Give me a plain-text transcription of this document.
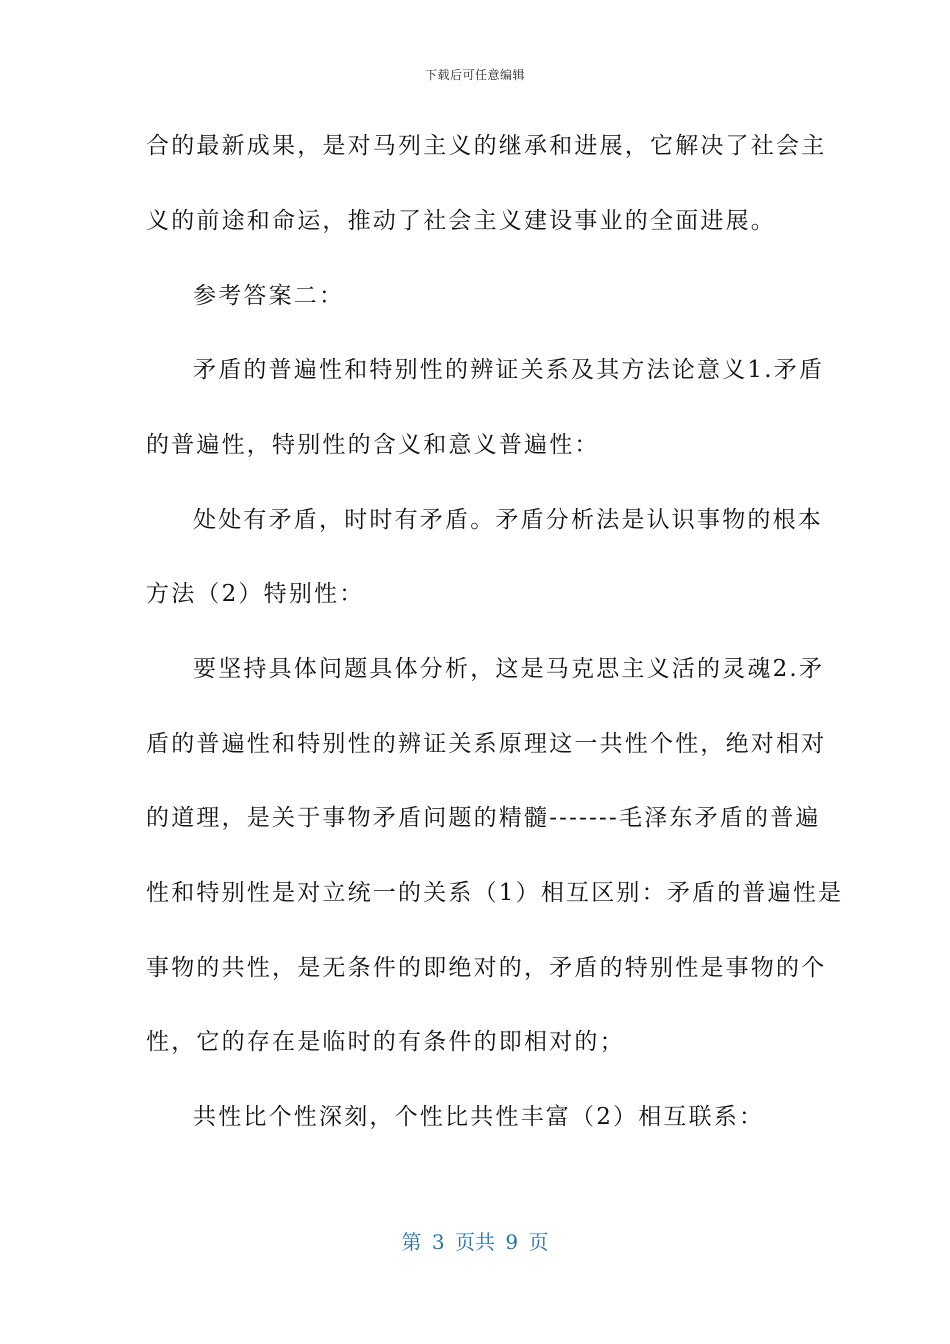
下载后可任意编辑
合的最新成果，是对马列主义的继承和进展，它解决了社会主
义的前途和命运，推动了社会主义建设事业的全面进展。
参考答案二：
矛盾的普遍性和特别性的辨证关系及其方法论意义1.矛盾
的普遍性，特别性的含义和意义普遍性：
处处有矛盾，时时有矛盾。矛盾分析法是认识事物的根本
方法（2）特别性：
要坚持具体问题具体分析，这是马克思主义活的灵魂2.矛
盾的普遍性和特别性的辨证关系原理这一共性个性，绝对相对
的道理，是关于事物矛盾问题的精髓-------毛泽东矛盾的普遍
性和特别性是对立统一的关系（1）相互区别：矛盾的普遍性是
事物的共性，是无条件的即绝对的，矛盾的特别性是事物的个
性，它的存在是临时的有条件的即相对的；
共性比个性深刻，个性比共性丰富（2）相互联系：
第 3 页共 9 页
